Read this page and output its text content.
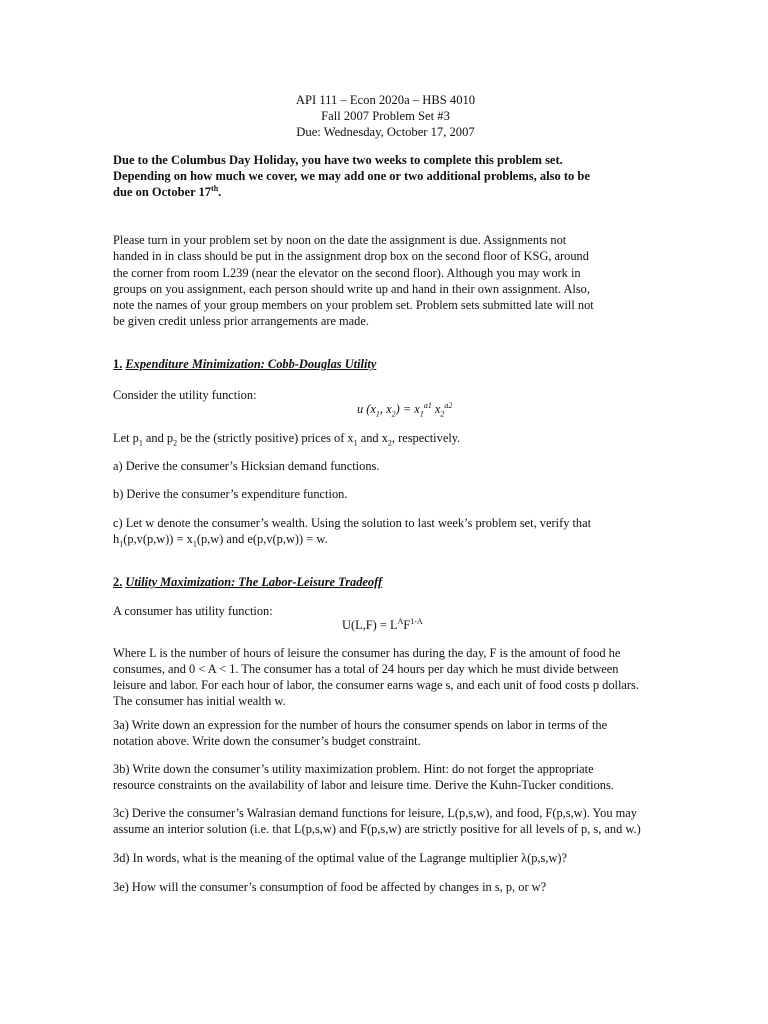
API 111 – Econ 2020a – HBS 4010
Fall 2007 Problem Set #3
Due: Wednesday, October 17, 2007
Due to the Columbus Day Holiday, you have two weeks to complete this problem set.
Depending on how much we cover, we may add one or two additional problems, also to be
due on October 17th.
Please turn in your problem set by noon on the date the assignment is due. Assignments not
handed in in class should be put in the assignment drop box on the second floor of KSG, around
the corner from room L239 (near the elevator on the second floor). Although you may work in
groups on you assignment, each person should write up and hand in their own assignment. Also,
note the names of your group members on your problem set. Problem sets submitted late will not
be given credit unless prior arrangements are made.
1. Expenditure Minimization: Cobb-Douglas Utility
Consider the utility function:
u ($x_1$, $x_2) = x_1^{a1}$ $x_2^{a2}$
Let $p_1$ and $p_2$ be the (strictly positive) prices of $x_1$ and $x_2$, respectively.
a) Derive the consumer’s Hicksian demand functions.
b) Derive the consumer’s expenditure function.
c) Let w denote the consumer’s wealth. Using the solution to last week’s problem set, verify that
$h_1(p,v(p,w)) = x_1(p,w)$ and e(p,v(p,w)) = w.
2. Utility Maximization: The Labor-Leisure Tradeoff
A consumer has utility function:
$U(L,F) = L^AF^{1-A}$
Where L is the number of hours of leisure the consumer has during the day, F is the amount of food he
consumes, and 0 < A < 1. The consumer has a total of 24 hours per day which he must divide between
leisure and labor. For each hour of labor, the consumer earns wage s, and each unit of food costs p dollars.
The consumer has initial wealth w.
3a) Write down an expression for the number of hours the consumer spends on labor in terms of the
notation above. Write down the consumer’s budget constraint.
3b) Write down the consumer’s utility maximization problem. Hint: do not forget the appropriate
resource constraints on the availability of labor and leisure time. Derive the Kuhn-Tucker conditions.
3c) Derive the consumer’s Walrasian demand functions for leisure, L(p,s,w), and food, F(p,s,w). You may
assume an interior solution (i.e. that L(p,s,w) and F(p,s,w) are strictly positive for all levels of p, s, and w.)
3d) In words, what is the meaning of the optimal value of the Lagrange multiplier λ(p,s,w)?
3e) How will the consumer’s consumption of food be affected by changes in s, p, or w?
